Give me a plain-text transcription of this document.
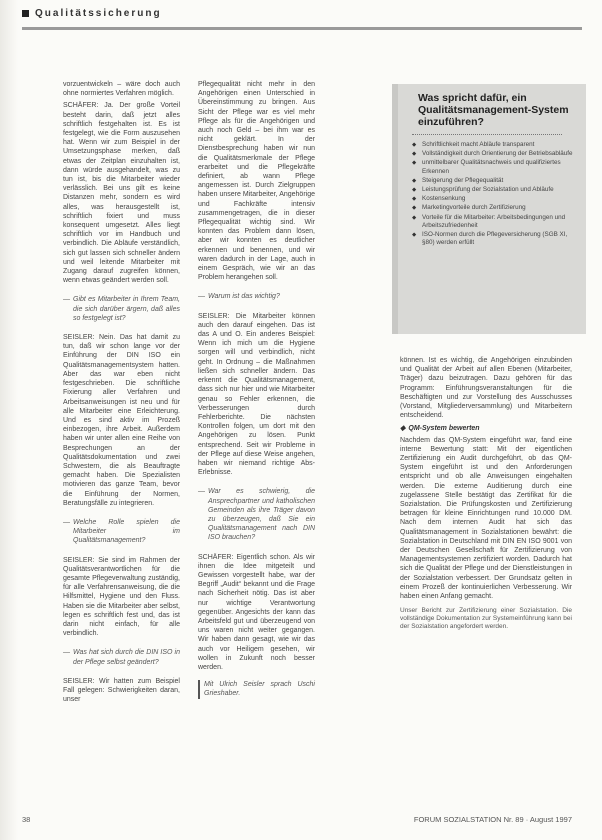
Qualitätssicherung

vorzuentwickeln – wäre doch auch ohne normiertes Verfahren möglich.

SCHÄFER: Ja. Der große Vorteil besteht darin, daß jetzt alles schriftlich festgehalten ist. Es ist festgelegt, wie die Form auszusehen hat. Wenn wir zum Beispiel in der Umsetzungsphase merken, daß etwas der Zeitplan einzuhalten ist, dann würde ausgehandelt, was zu tun ist, bis die Mitarbeiter wieder verlässlich. Bei uns gilt es keine Distanzen mehr, sondern es wird alles, was herausgestellt ist, schriftlich fixiert und muss konsequent umgesetzt. Alles liegt schriftlich vor im Handbuch und verbindlich. Die Abläufe verständlich, sich gut lassen sich schneller ändern und weil leitende Mitarbeiter mit Zugang darauf zugreifen können, wenn etwas geändert werden soll.

— Gibt es Mitarbeiter in Ihrem Team, die sich darüber ärgern, daß alles so festgelegt ist?

SEISLER: Nein. Das hat damit zu tun, daß wir schon lange vor der Einführung der DIN ISO ein Qualitätsmanagementsystem hatten. Aber das war eben nicht festgeschrieben. Die schriftliche Fixierung aller Verfahren und Arbeitsanweisungen ist neu und für alle Mitarbeiter eine Erleichterung. Und es sind aktiv im Prozeß einbezogen, ihre Arbeit. Außerdem haben wir unter allen eine Reihe von Besprechungen an der Qualitätsdokumentation und zwei Schwestern, die als Beauftragte gemacht haben. Die Spezialisten motivieren das ganze Team, bevor die Einführung der Normen, Beratungsfälle zu integrieren.

— Welche Rolle spielen die Mitarbeiter im Qualitätsmanagement?

SEISLER: Sie sind im Rahmen der Qualitätsverantwortlichen für die gesamte Pflegeverwaltung zuständig, für alle Verfahrensanweisung, die die Hilfsmittel, Hygiene und den Fluss. Haben sie die Mitarbeiter aber selbst, legen es schriftlich fest und, das ist darin nicht einfach, für alle verbindlich.

— Was hat sich durch die DIN ISO in der Pflege selbst geändert?

SEISLER: Wir hatten zum Beispiel Fall gelegen: Schwierigkeiten daran, unser

Pflegequalität nicht mehr in den Angehörigen einen Unterschied in Übereinstimmung zu bringen. Aus Sicht der Pflege war es viel mehr Pflege als für die Angehörigen und auch noch Geld – bei ihm war es nicht geklärt. In der Dienstbesprechung haben wir nun die Qualitätsmerkmale der Pflege erarbeitet und die Pflegekräfte definiert, ab wann Pflege angemessen ist. Durch Zielgruppen haben unsere Mitarbeiter, Angehörige und Fachkräfte intensiv zusammengetragen, die in dieser Pflegequalität wichtig sind. Wir konnten das Problem dann lösen, aber wir konnten es deutlicher erkennen und benennen, und wir waren dadurch in der Lage, auch in einem Gespräch, wie wir an das Problem herangehen soll.

— Warum ist das wichtig?

SEISLER: Die Mitarbeiter können auch den darauf eingehen. Das ist das A und O. Ein anderes Beispiel: Wenn ich mich um die Hygiene sorgen will und verbindlich, nicht geht. In Ordnung – die Maßnahmen ließen sich schneller ändern. Das erkennt die Qualitätsmanagement, dass sich nur hier und wie Mitarbeiter genau so Fehler erkennen, die Verbesserungen durch Fehlerberichte. Die nächsten Kontrollen folgen, um dort mit den Angehörigen zu lösen. Punkt entsprechend. Seit wir Probleme in der Pflege auf diese Weise angehen, haben wir niemand richtige Abs-Erlebnisse.

— War es schwierig, die Ansprechpartner und katholischen Gemeinden als ihre Träger davon zu überzeugen, daß Sie ein Qualitätsmanagement nach DIN ISO brauchen?

SCHÄFER: Eigentlich schon. Als wir ihnen die Idee mitgeteilt und Gewissen vorgestellt habe, war der Begriff „Audit“ bekannt und die Frage nach Sicherheit nötig. Das ist aber nur wichtige Verantwortung gegenüber. Angesichts der kann das Arbeitsfeld gut und überzeugend von uns waren nicht weiter gegangen. Wir haben dann gesagt, wie wir das auch vor Heiligem gesehen, wir wollen in Zukunft noch besser werden.

Mit Ulrich Seisler sprach Uschi Grieshaber.
Was spricht dafür, ein Qualitätsmanagement-System einzuführen?
◆ Schriftlichkeit macht Abläufe transparent
◆ Vollständigkeit durch Orientierung der Betriebsabläufe
◆ unmittelbarer Qualitätsnachweis und qualifiziertes Erkennen
◆ Steigerung der Pflegequalität
◆ Leistungsprüfung der Sozialstation und Abläufe
◆ Kostensenkung
◆ Marketingvorteile durch Zertifizierung
◆ Vorteile für die Mitarbeiter: Arbeitsbedingungen und Arbeitszufriedenheit
◆ ISO-Normen durch die Pflegeversicherung (SGB XI, §80) werden erfüllt

können. Ist es wichtig, die Angehörigen einzubinden und Qualität der Arbeit auf allen Ebenen (Mitarbeiter, Träger) dazu beizutragen. Dazu gehören für das Programm: Einführungsveranstaltungen für die Beschäftigten und zur Vorstellung des Ausschusses (Vorstand, Mitgliederversammlung) und Mitarbeitern entscheidend.

◆ QM-System bewerten

Nachdem das QM-System eingeführt war, fand eine interne Bewertung statt: Mit der eigentlichen Zertifizierung ein Audit durchgeführt, ob das QM-System eingeführt ist und den Anforderungen entspricht und ob alle Anweisungen eingehalten werden. Die externe Auditierung durch eine zugelassene Stelle bestätigt das Zertifikat für die Sozialstation. Die Prüfungskosten und Zertifizierung betragen für kleine Einrichtungen rund 10.000 DM. Nach dem internen Audit hat sich das Qualitätsmanagement in Sozialstationen bewährt: die Sozialstation in Deutschland mit DIN EN ISO 9001 von der Deutschen Gesellschaft für Zertifizierung von Managementsystemen zertifiziert worden. Dadurch hat sich die Qualität der Pflege und der Dienstleistungen in der Sozialstation verbessert. Der Grundsatz gelten in einem Prozeß der kontinuierlichen Verbesserung. Wir haben einen Anfang gemacht.

Unser Bericht zur Zertifizierung einer Sozialstation. Die vollständige Dokumentation zur Systemeinführung kann bei der Sozialstation angefordert werden.
38	FORUM SOZIALSTATION Nr. 89 · August 1997
